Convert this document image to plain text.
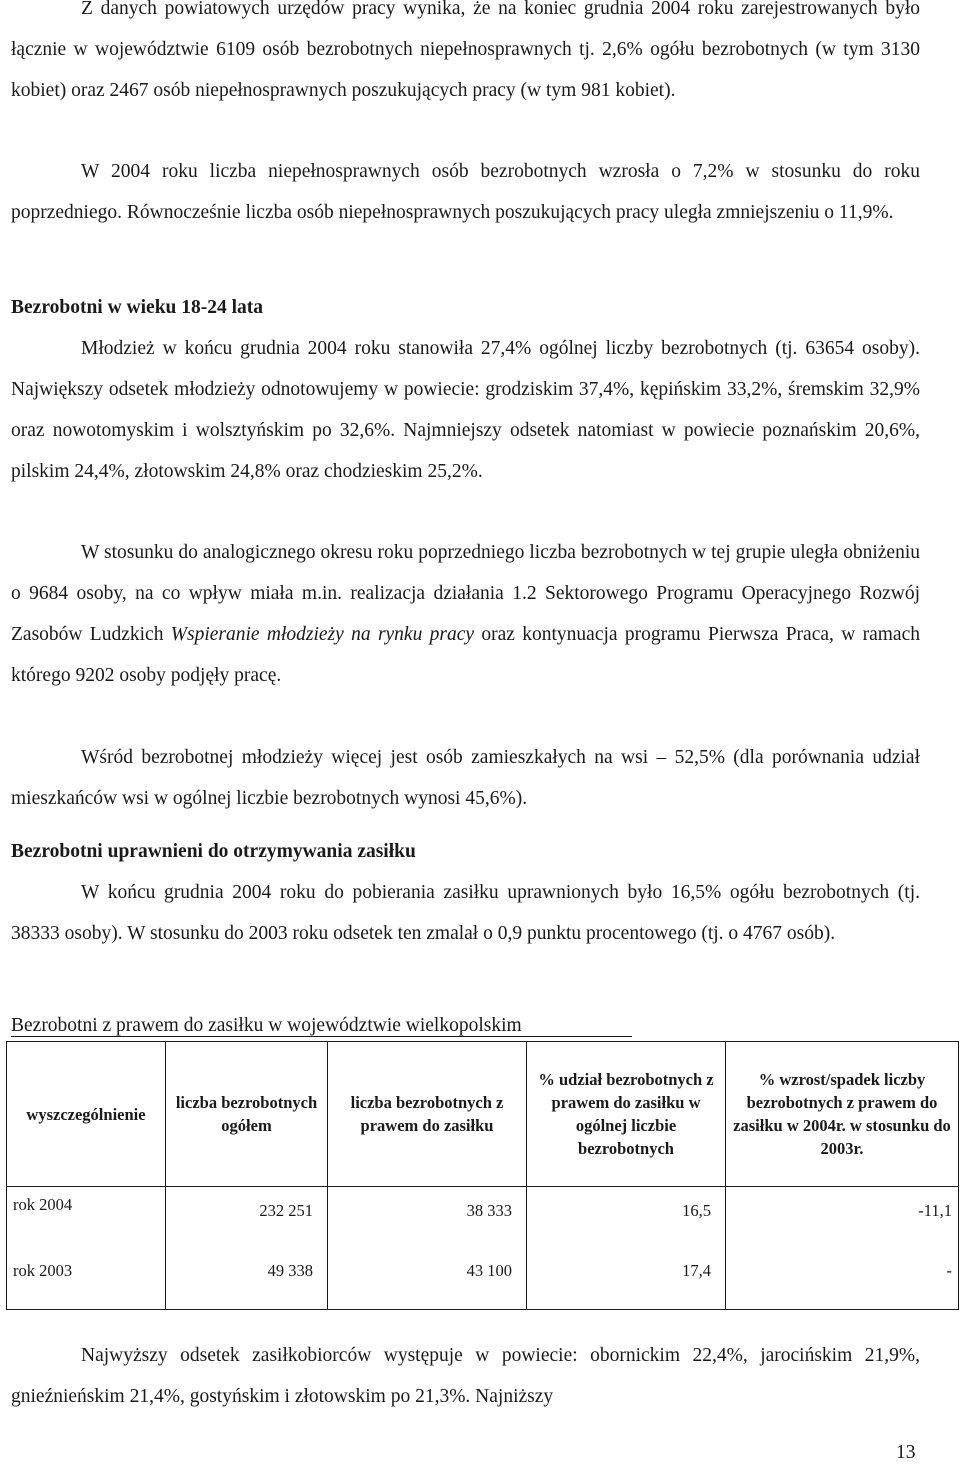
Z danych powiatowych urzędów pracy wynika, że na koniec grudnia 2004 roku zarejestrowanych było łącznie w województwie 6109 osób bezrobotnych niepełnosprawnych tj. 2,6% ogółu bezrobotnych (w tym 3130 kobiet) oraz 2467 osób niepełnosprawnych poszukujących pracy (w tym 981 kobiet).

W 2004 roku liczba niepełnosprawnych osób bezrobotnych wzrosła o 7,2% w stosunku do roku poprzedniego. Równocześnie liczba osób niepełnosprawnych poszukujących pracy uległa zmniejszeniu o 11,9%.

Bezrobotni w wieku 18-24 lata

Młodzież w końcu grudnia 2004 roku stanowiła 27,4% ogólnej liczby bezrobotnych (tj. 63654 osoby). Największy odsetek młodzieży odnotowujemy w powiecie: grodziskim 37,4%, kępińskim 33,2%, śremskim 32,9% oraz nowotomyskim i wolsztyńskim po 32,6%. Najmniejszy odsetek natomiast w powiecie poznańskim 20,6%, pilskim 24,4%, złotowskim 24,8% oraz chodzieskim 25,2%.

W stosunku do analogicznego okresu roku poprzedniego liczba bezrobotnych w tej grupie uległa obniżeniu o 9684 osoby, na co wpływ miała m.in. realizacja działania 1.2 Sektorowego Programu Operacyjnego Rozwój Zasobów Ludzkich Wspieranie młodzieży na rynku pracy oraz kontynuacja programu Pierwsza Praca, w ramach którego 9202 osoby podjęły pracę.

Wśród bezrobotnej młodzieży więcej jest osób zamieszkałych na wsi – 52,5% (dla porównania udział mieszkańców wsi w ogólnej liczbie bezrobotnych wynosi 45,6%).

Bezrobotni uprawnieni do otrzymywania zasiłku

W końcu grudnia 2004 roku do pobierania zasiłku uprawnionych było 16,5% ogółu bezrobotnych (tj. 38333 osoby). W stosunku do 2003 roku odsetek ten zmalał o 0,9 punktu procentowego (tj. o 4767 osób).

Bezrobotni z prawem do zasiłku w województwie wielkopolskim

wyszczególnienie	liczba bezrobotnych ogółem	liczba bezrobotnych z prawem do zasiłku	% udział bezrobotnych z prawem do zasiłku w ogólnej liczbie bezrobotnych	% wzrost/spadek liczby bezrobotnych z prawem do zasiłku w 2004r. w stosunku do 2003r.
rok 2004	232 251	38 333	16,5	-11,1
rok 2003	49 338	43 100	17,4	-

Najwyższy odsetek zasiłkobiorców występuje w powiecie: obornickim 22,4%, jarocińskim 21,9%, gnieźnieńskim 21,4%, gostyńskim i złotowskim po 21,3%. Najniższy

13
